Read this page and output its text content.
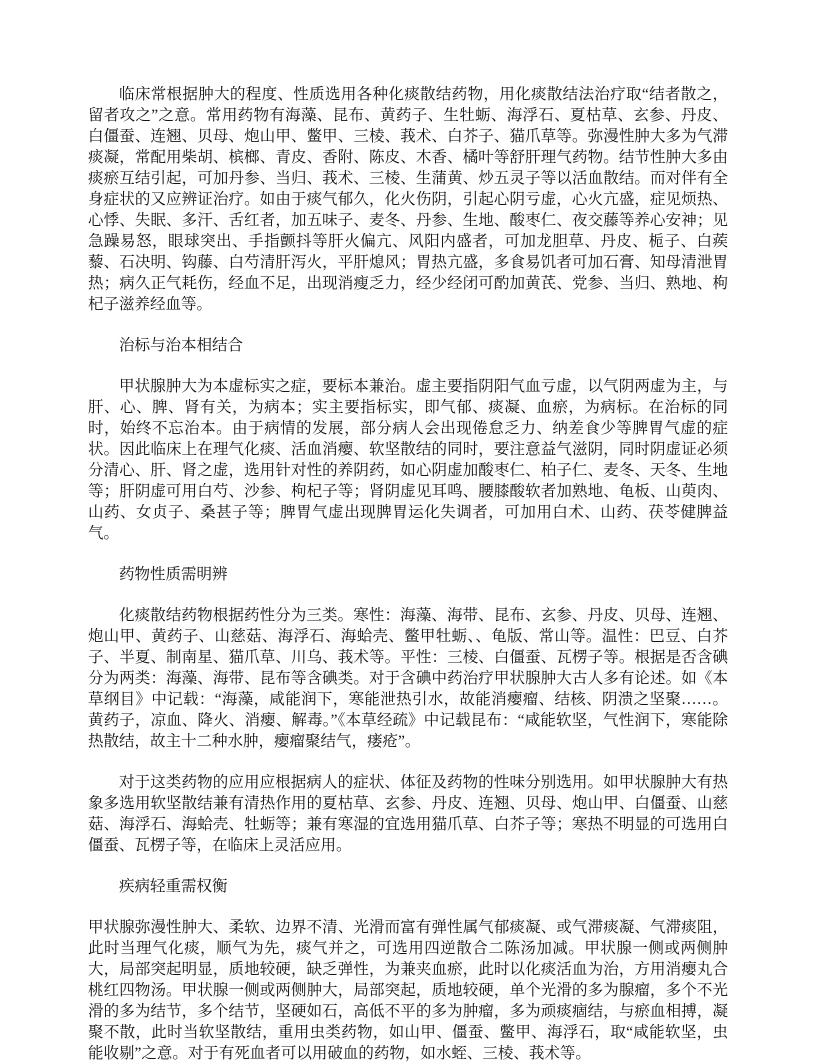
临床常根据肿大的程度、性质选用各种化痰散结药物，用化痰散结法治疗取“结者散之，留者攻之”之意。常用药物有海藻、昆布、黄药子、生牡蛎、海浮石、夏枯草、玄参、丹皮、白僵蚕、连翘、贝母、炮山甲、鳖甲、三棱、莪术、白芥子、猫爪草等。弥漫性肿大多为气滞痰凝，常配用柴胡、槟榔、青皮、香附、陈皮、木香、橘叶等舒肝理气药物。结节性肿大多由痰瘀互结引起，可加丹参、当归、莪术、三棱、生蒲黄、炒五灵子等以活血散结。而对伴有全身症状的又应辨证治疗。如由于痰气郁久，化火伤阴，引起心阴亏虚，心火亢盛，症见烦热、心悸、失眠、多汗、舌红者，加五味子、麦冬、丹参、生地、酸枣仁、夜交藤等养心安神；见急躁易怒，眼球突出、手指颤抖等肝火偏亢、风阳内盛者，可加龙胆草、丹皮、栀子、白蒺藜、石决明、钩藤、白芍清肝泻火，平肝熄风；胃热亢盛，多食易饥者可加石膏、知母清泄胃热；病久正气耗伤，经血不足，出现消瘦乏力，经少经闭可酌加黄芪、党参、当归、熟地、枸杞子滋养经血等。

治标与治本相结合

甲状腺肿大为本虚标实之症，要标本兼治。虚主要指阴阳气血亏虚，以气阴两虚为主，与肝、心、脾、肾有关，为病本；实主要指标实，即气郁、痰凝、血瘀，为病标。在治标的同时，始终不忘治本。由于病情的发展，部分病人会出现倦怠乏力、纳差食少等脾胃气虚的症状。因此临床上在理气化痰、活血消瘿、软坚散结的同时，要注意益气滋阴，同时阴虚证必须分清心、肝、肾之虚，选用针对性的养阴药，如心阴虚加酸枣仁、柏子仁、麦冬、天冬、生地等；肝阴虚可用白芍、沙参、枸杞子等；肾阴虚见耳鸣、腰膝酸软者加熟地、龟板、山萸肉、山药、女贞子、桑甚子等；脾胃气虚出现脾胃运化失调者，可加用白术、山药、茯苓健脾益气。

药物性质需明辨

化痰散结药物根据药性分为三类。寒性：海藻、海带、昆布、玄参、丹皮、贝母、连翘、炮山甲、黄药子、山慈菇、海浮石、海蛤壳、鳖甲牡蛎、、龟版、常山等。温性：巴豆、白芥子、半夏、制南星、猫爪草、川乌、莪术等。平性：三棱、白僵蚕、瓦楞子等。根据是否含碘分为两类：海藻、海带、昆布等含碘类。对于含碘中药治疗甲状腺肿大古人多有论述。如《本草纲目》中记载：“海藻，咸能润下，寒能泄热引水，故能消瘿瘤、结核、阴溃之坚聚……。黄药子，凉血、降火、消瘿、解毒。”《本草经疏》中记载昆布：“咸能软坚，气性润下，寒能除热散结，故主十二种水肿，瘿瘤聚结气，瘘疮”。

对于这类药物的应用应根据病人的症状、体征及药物的性味分别选用。如甲状腺肿大有热象多选用软坚散结兼有清热作用的夏枯草、玄参、丹皮、连翘、贝母、炮山甲、白僵蚕、山慈菇、海浮石、海蛤壳、牡蛎等；兼有寒湿的宜选用猫爪草、白芥子等；寒热不明显的可选用白僵蚕、瓦楞子等，在临床上灵活应用。

疾病轻重需权衡

甲状腺弥漫性肿大、柔软、边界不清、光滑而富有弹性属气郁痰凝、或气滞痰凝、气滞痰阻，此时当理气化痰，顺气为先，痰气并之，可选用四逆散合二陈汤加减。甲状腺一侧或两侧肿大，局部突起明显，质地较硬，缺乏弹性，为兼夹血瘀，此时以化痰活血为治，方用消瘿丸合桃红四物汤。甲状腺一侧或两侧肿大，局部突起，质地较硬，单个光滑的多为腺瘤，多个不光滑的多为结节，多个结节，坚硬如石，高低不平的多为肿瘤，多为顽痰痼结，与瘀血相搏，凝聚不散，此时当软坚散结，重用虫类药物，如山甲、僵蚕、鳖甲、海浮石，取“咸能软坚，虫能收剔”之意。对于有死血者可以用破血的药物，如水蛭、三棱、莪术等。
